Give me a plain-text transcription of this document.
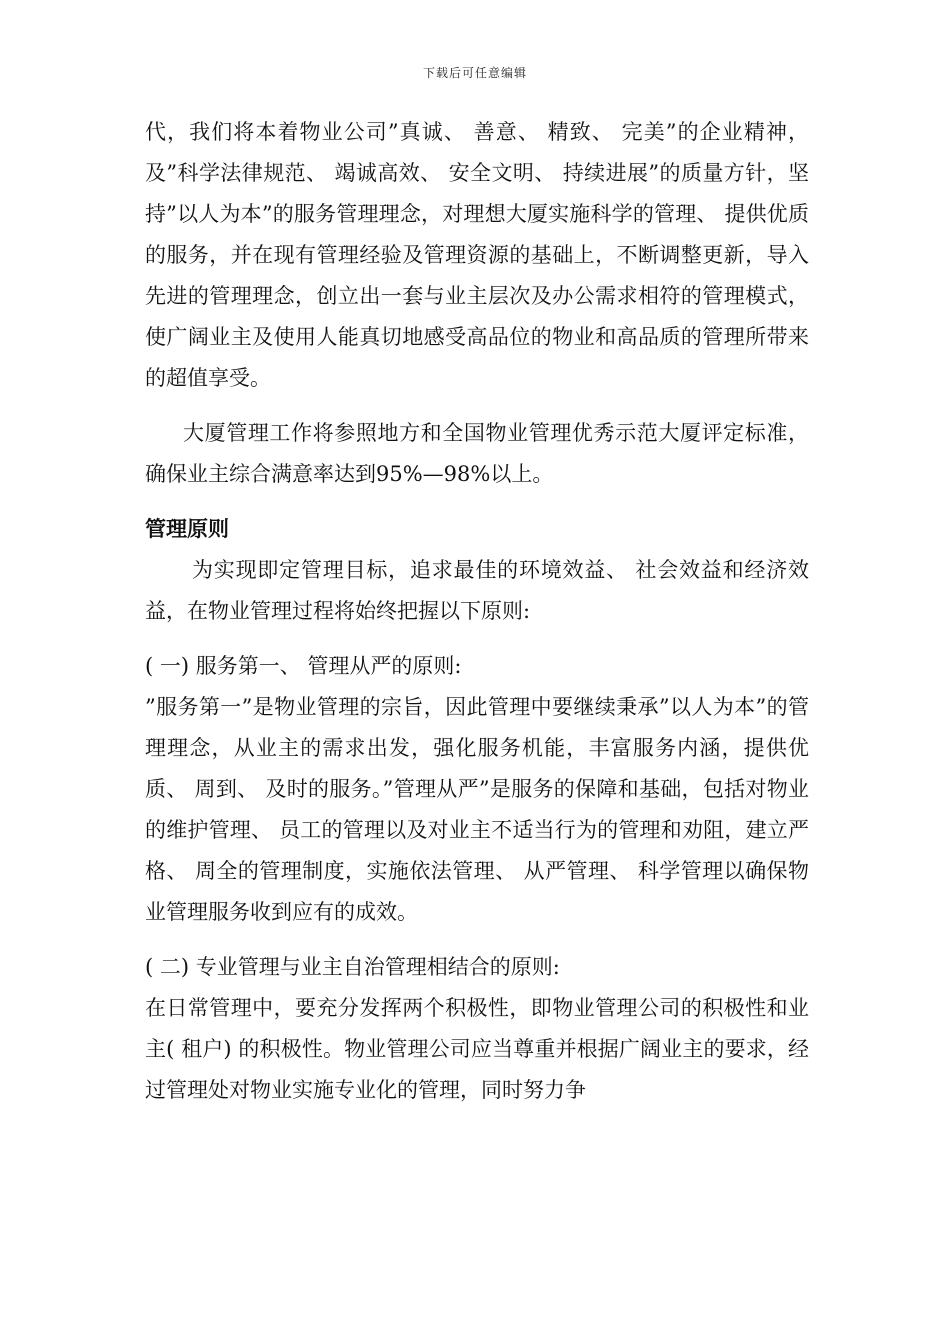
下载后可任意编辑

代，我们将本着物业公司”真诚、 善意、 精致、 完美”的企业精神，及”科学法律规范、 竭诚高效、 安全文明、 持续进展”的质量方针，坚持”以人为本”的服务管理理念，对理想大厦实施科学的管理、 提供优质的服务，并在现有管理经验及管理资源的基础上，不断调整更新，导入先进的管理理念，创立出一套与业主层次及办公需求相符的管理模式，使广阔业主及使用人能真切地感受高品位的物业和高品质的管理所带来的超值享受。

大厦管理工作将参照地方和全国物业管理优秀示范大厦评定标准，确保业主综合满意率达到95%—98%以上。

管理原则

为实现即定管理目标，追求最佳的环境效益、 社会效益和经济效益，在物业管理过程将始终把握以下原则:

( 一) 服务第一、 管理从严的原则:

”服务第一”是物业管理的宗旨，因此管理中要继续秉承”以人为本”的管理理念，从业主的需求出发，强化服务机能，丰富服务内涵，提供优质、 周到、 及时的服务。”管理从严”是服务的保障和基础，包括对物业的维护管理、 员工的管理以及对业主不适当行为的管理和劝阻，建立严格、 周全的管理制度，实施依法管理、 从严管理、 科学管理以确保物业管理服务收到应有的成效。

( 二) 专业管理与业主自治管理相结合的原则:

在日常管理中，要充分发挥两个积极性，即物业管理公司的积极性和业主( 租户) 的积极性。物业管理公司应当尊重并根据广阔业主的要求，经过管理处对物业实施专业化的管理，同时努力争
